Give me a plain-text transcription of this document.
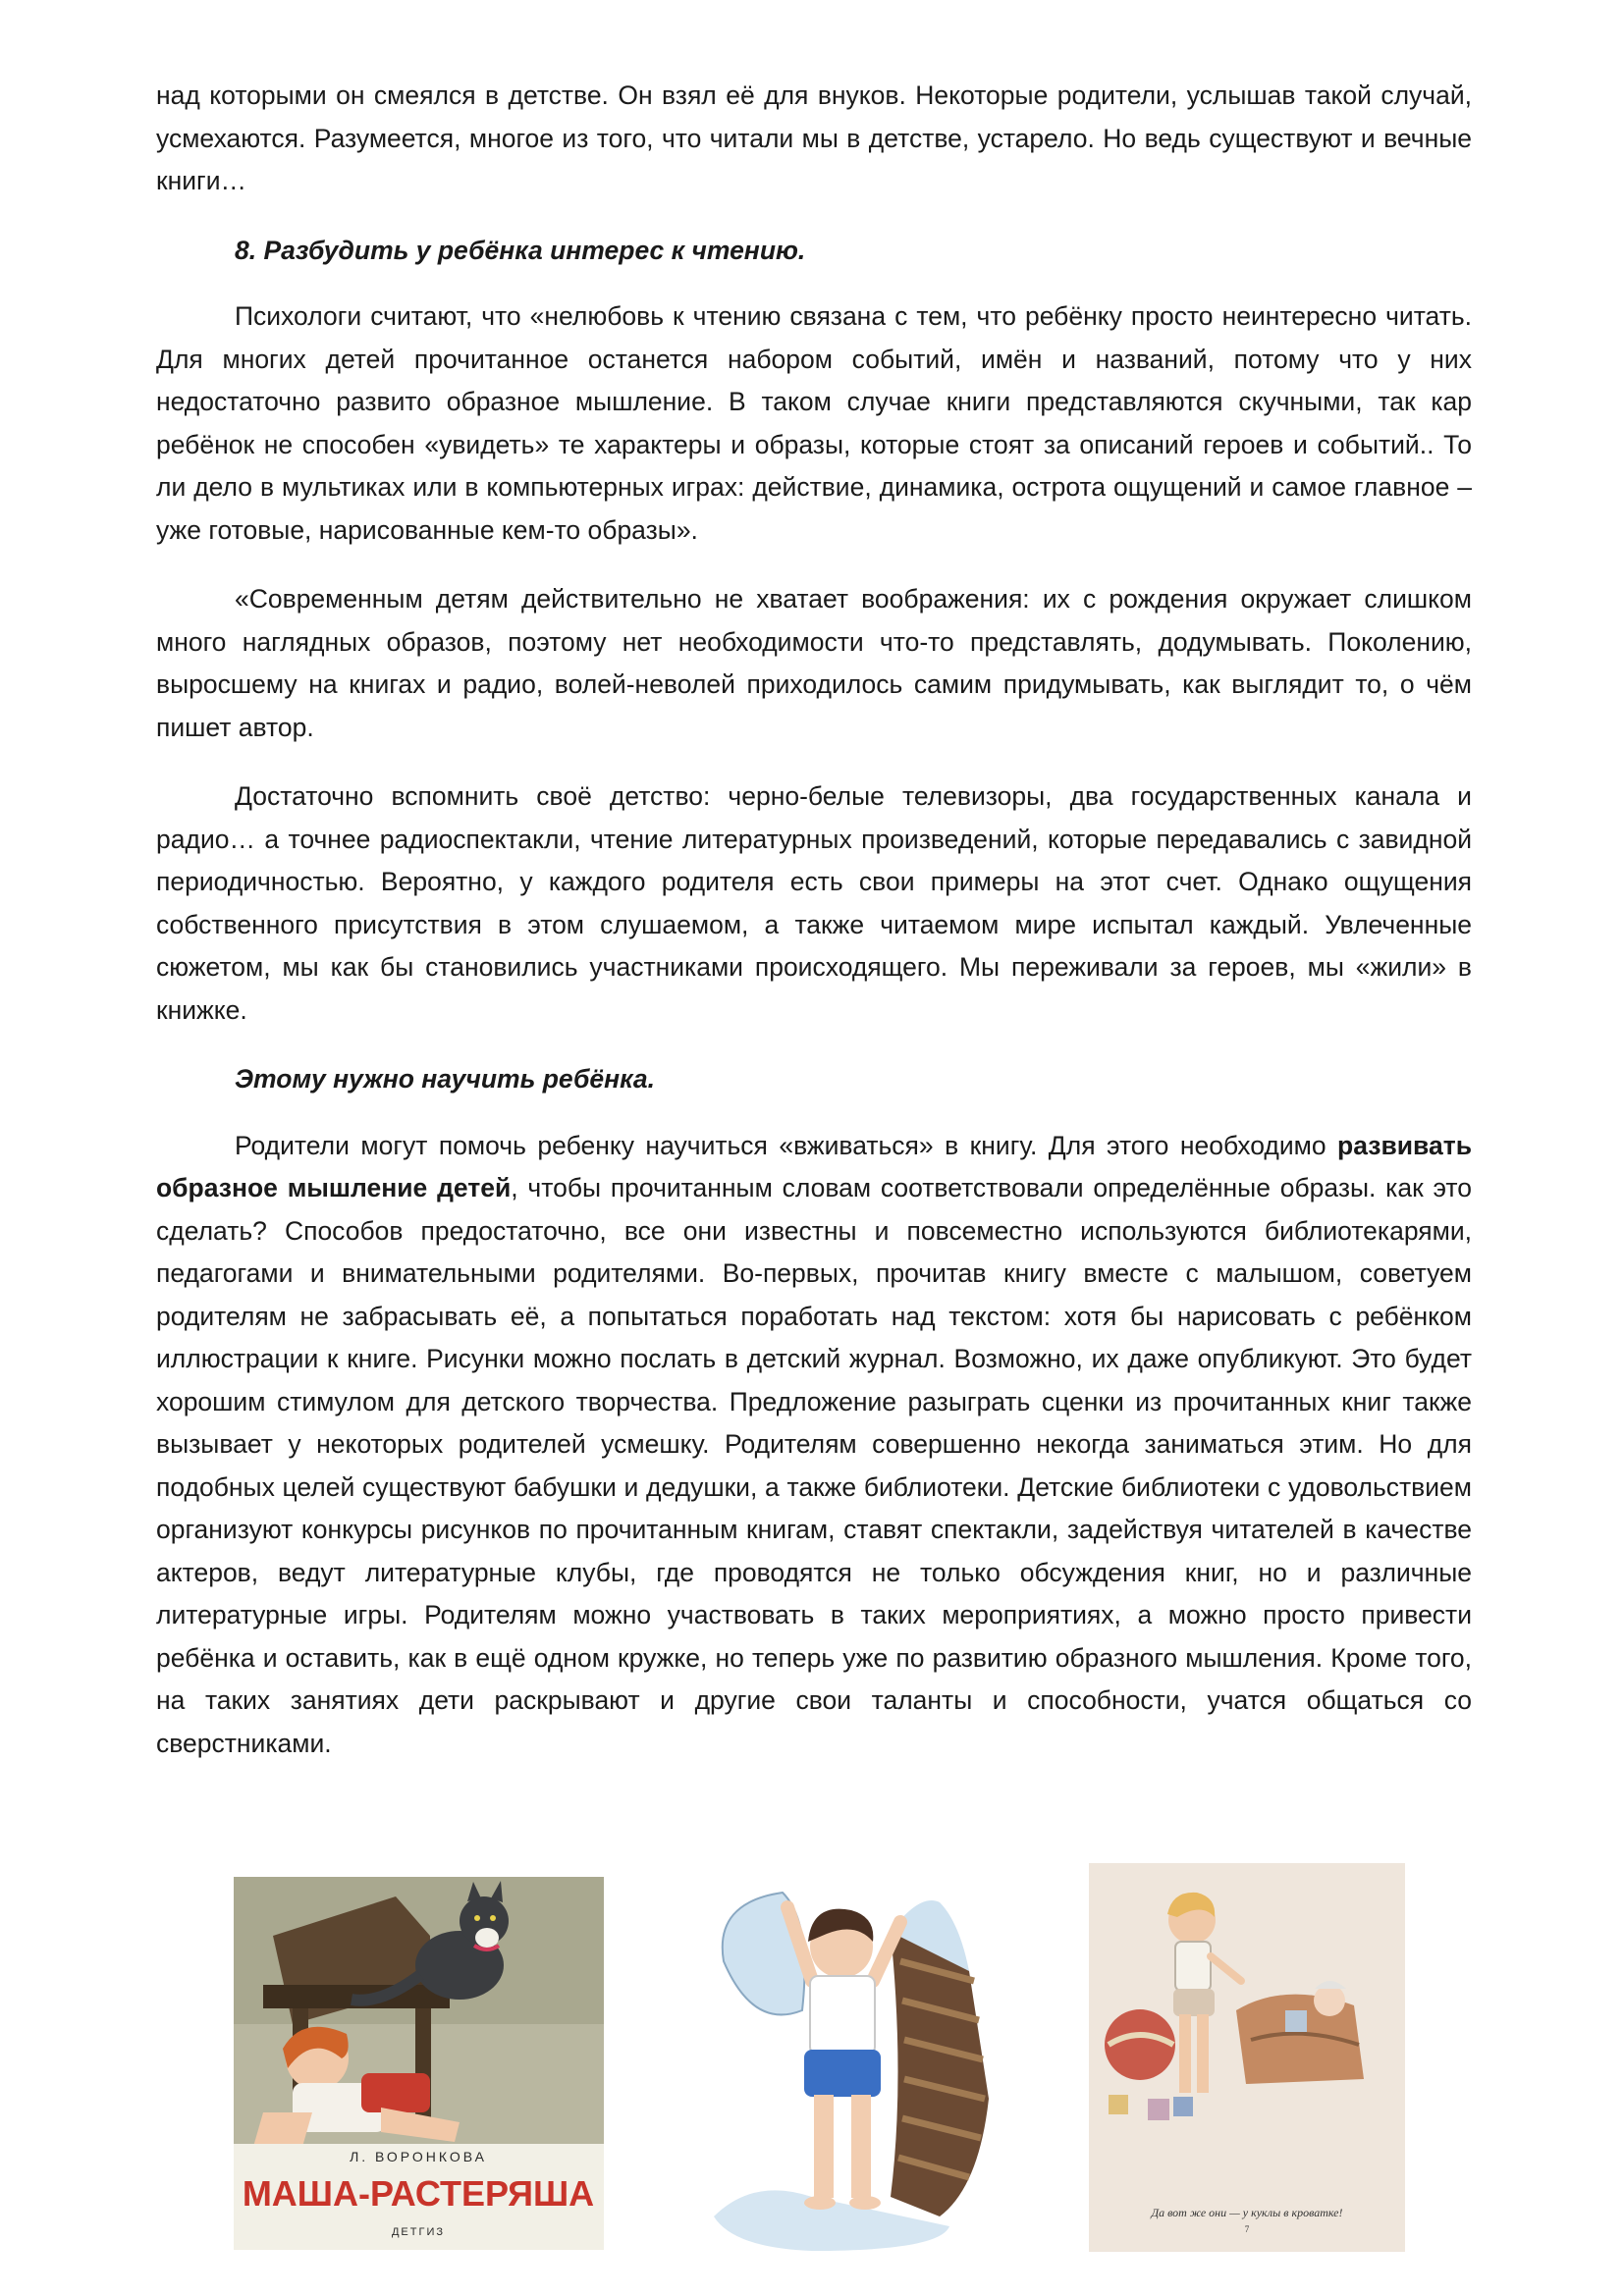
над которыми он смеялся в детстве. Он взял её для внуков. Некоторые родители, услышав такой случай, усмехаются. Разумеется, многое из того, что читали мы в детстве, устарело. Но ведь существуют и вечные книги…

8. Разбудить у ребёнка интерес к чтению.

Психологи считают, что «нелюбовь к чтению связана с тем, что ребёнку просто неинтересно читать. Для многих детей прочитанное останется набором событий, имён и названий, потому что у них недостаточно развито образное мышление. В таком случае книги представляются скучными, так кар ребёнок не способен «увидеть» те характеры и образы, которые стоят за описаний героев и событий.. То ли дело в мультиках или в компьютерных играх: действие, динамика, острота ощущений и самое главное – уже готовые, нарисованные кем-то образы».

«Современным детям действительно не хватает воображения: их с рождения окружает слишком много наглядных образов, поэтому нет необходимости что-то представлять, додумывать. Поколению, выросшему на книгах и радио, волей-неволей приходилось самим придумывать, как выглядит то, о чём пишет автор.

Достаточно вспомнить своё детство: черно-белые телевизоры, два государственных канала и радио… а точнее радиоспектакли, чтение литературных произведений, которые передавались с завидной периодичностью. Вероятно, у каждого родителя есть свои примеры на этот счет. Однако ощущения собственного присутствия в этом слушаемом, а также читаемом мире испытал каждый. Увлеченные сюжетом, мы как бы становились участниками происходящего. Мы переживали за героев, мы «жили» в книжке.

Этому нужно научить ребёнка.

Родители могут помочь ребенку научиться «вживаться» в книгу. Для этого необходимо развивать образное мышление детей, чтобы прочитанным словам соответствовали определённые образы. как это сделать? Способов предостаточно, все они известны и повсеместно используются библиотекарями, педагогами и внимательными родителями. Во-первых, прочитав книгу вместе с малышом, советуем родителям не забрасывать её, а попытаться поработать над текстом: хотя бы нарисовать с ребёнком иллюстрации к книге. Рисунки можно послать в детский журнал. Возможно, их даже опубликуют. Это будет хорошим стимулом для детского творчества. Предложение разыграть сценки из прочитанных книг также вызывает у некоторых родителей усмешку. Родителям совершенно некогда заниматься этим. Но для подобных целей существуют бабушки и дедушки, а также библиотеки. Детские библиотеки с удовольствием организуют конкурсы рисунков по прочитанным книгам, ставят спектакли, задействуя читателей в качестве актеров, ведут литературные клубы, где проводятся не только обсуждения книг, но и различные литературные игры. Родителям можно участвовать в таких мероприятиях, а можно просто привести ребёнка и оставить, как в ещё одном кружке, но теперь уже по развитию образного мышления. Кроме того, на таких занятиях дети раскрывают и другие свои таланты и способности, учатся общаться со сверстниками.

Л. ВОРОНКОВА
МАША-РАСТЕРЯША
ДЕТГИЗ
Да вот же они — у куклы в кроватке!
7
